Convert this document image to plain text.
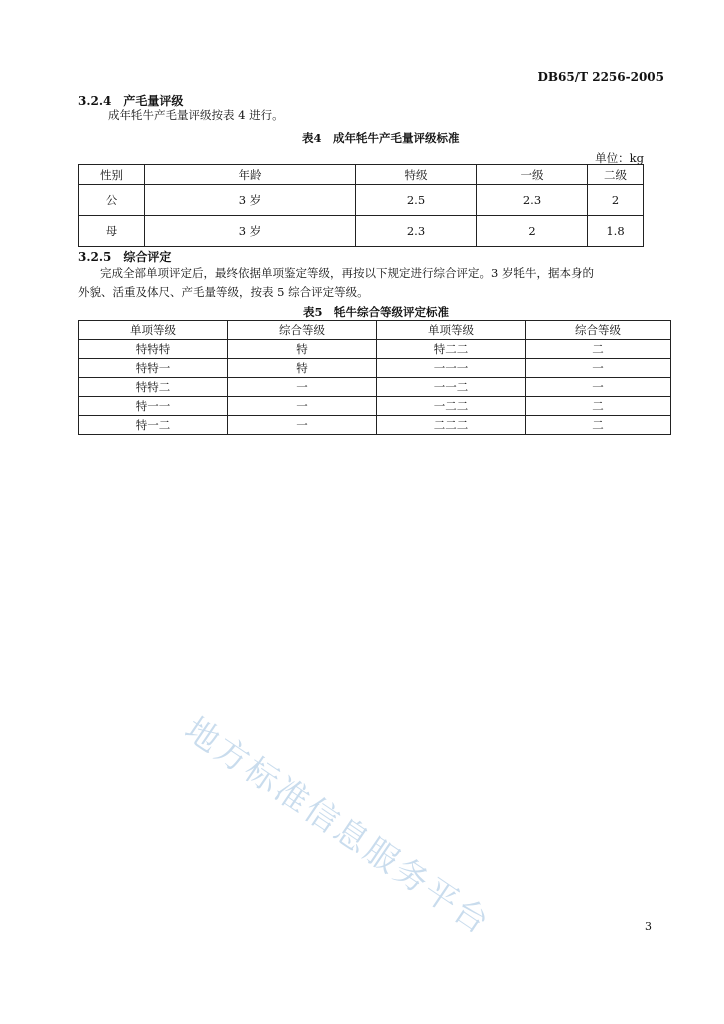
DB65/T 2256-2005
3.2.4　产毛量评级
成年牦牛产毛量评级按表 4 进行。
表4　成年牦牛产毛量评级标准
单位：kg
性别	年龄	特级	一级	二级
公	3 岁	2.5	2.3	2
母	3 岁	2.3	2	1.8
3.2.5　综合评定
完成全部单项评定后，最终依据单项鉴定等级，再按以下规定进行综合评定。3 岁牦牛，据本身的
外貌、活重及体尺、产毛量等级，按表 5 综合评定等级。
表5　牦牛综合等级评定标准
单项等级	综合等级	单项等级	综合等级
特特特	特	特二二	二
特特一	特	一一一	一
特特二	一	一一二	一
特一一	一	一二二	二
特一二	一	二二二	二
地方标准信息服务平台	3
